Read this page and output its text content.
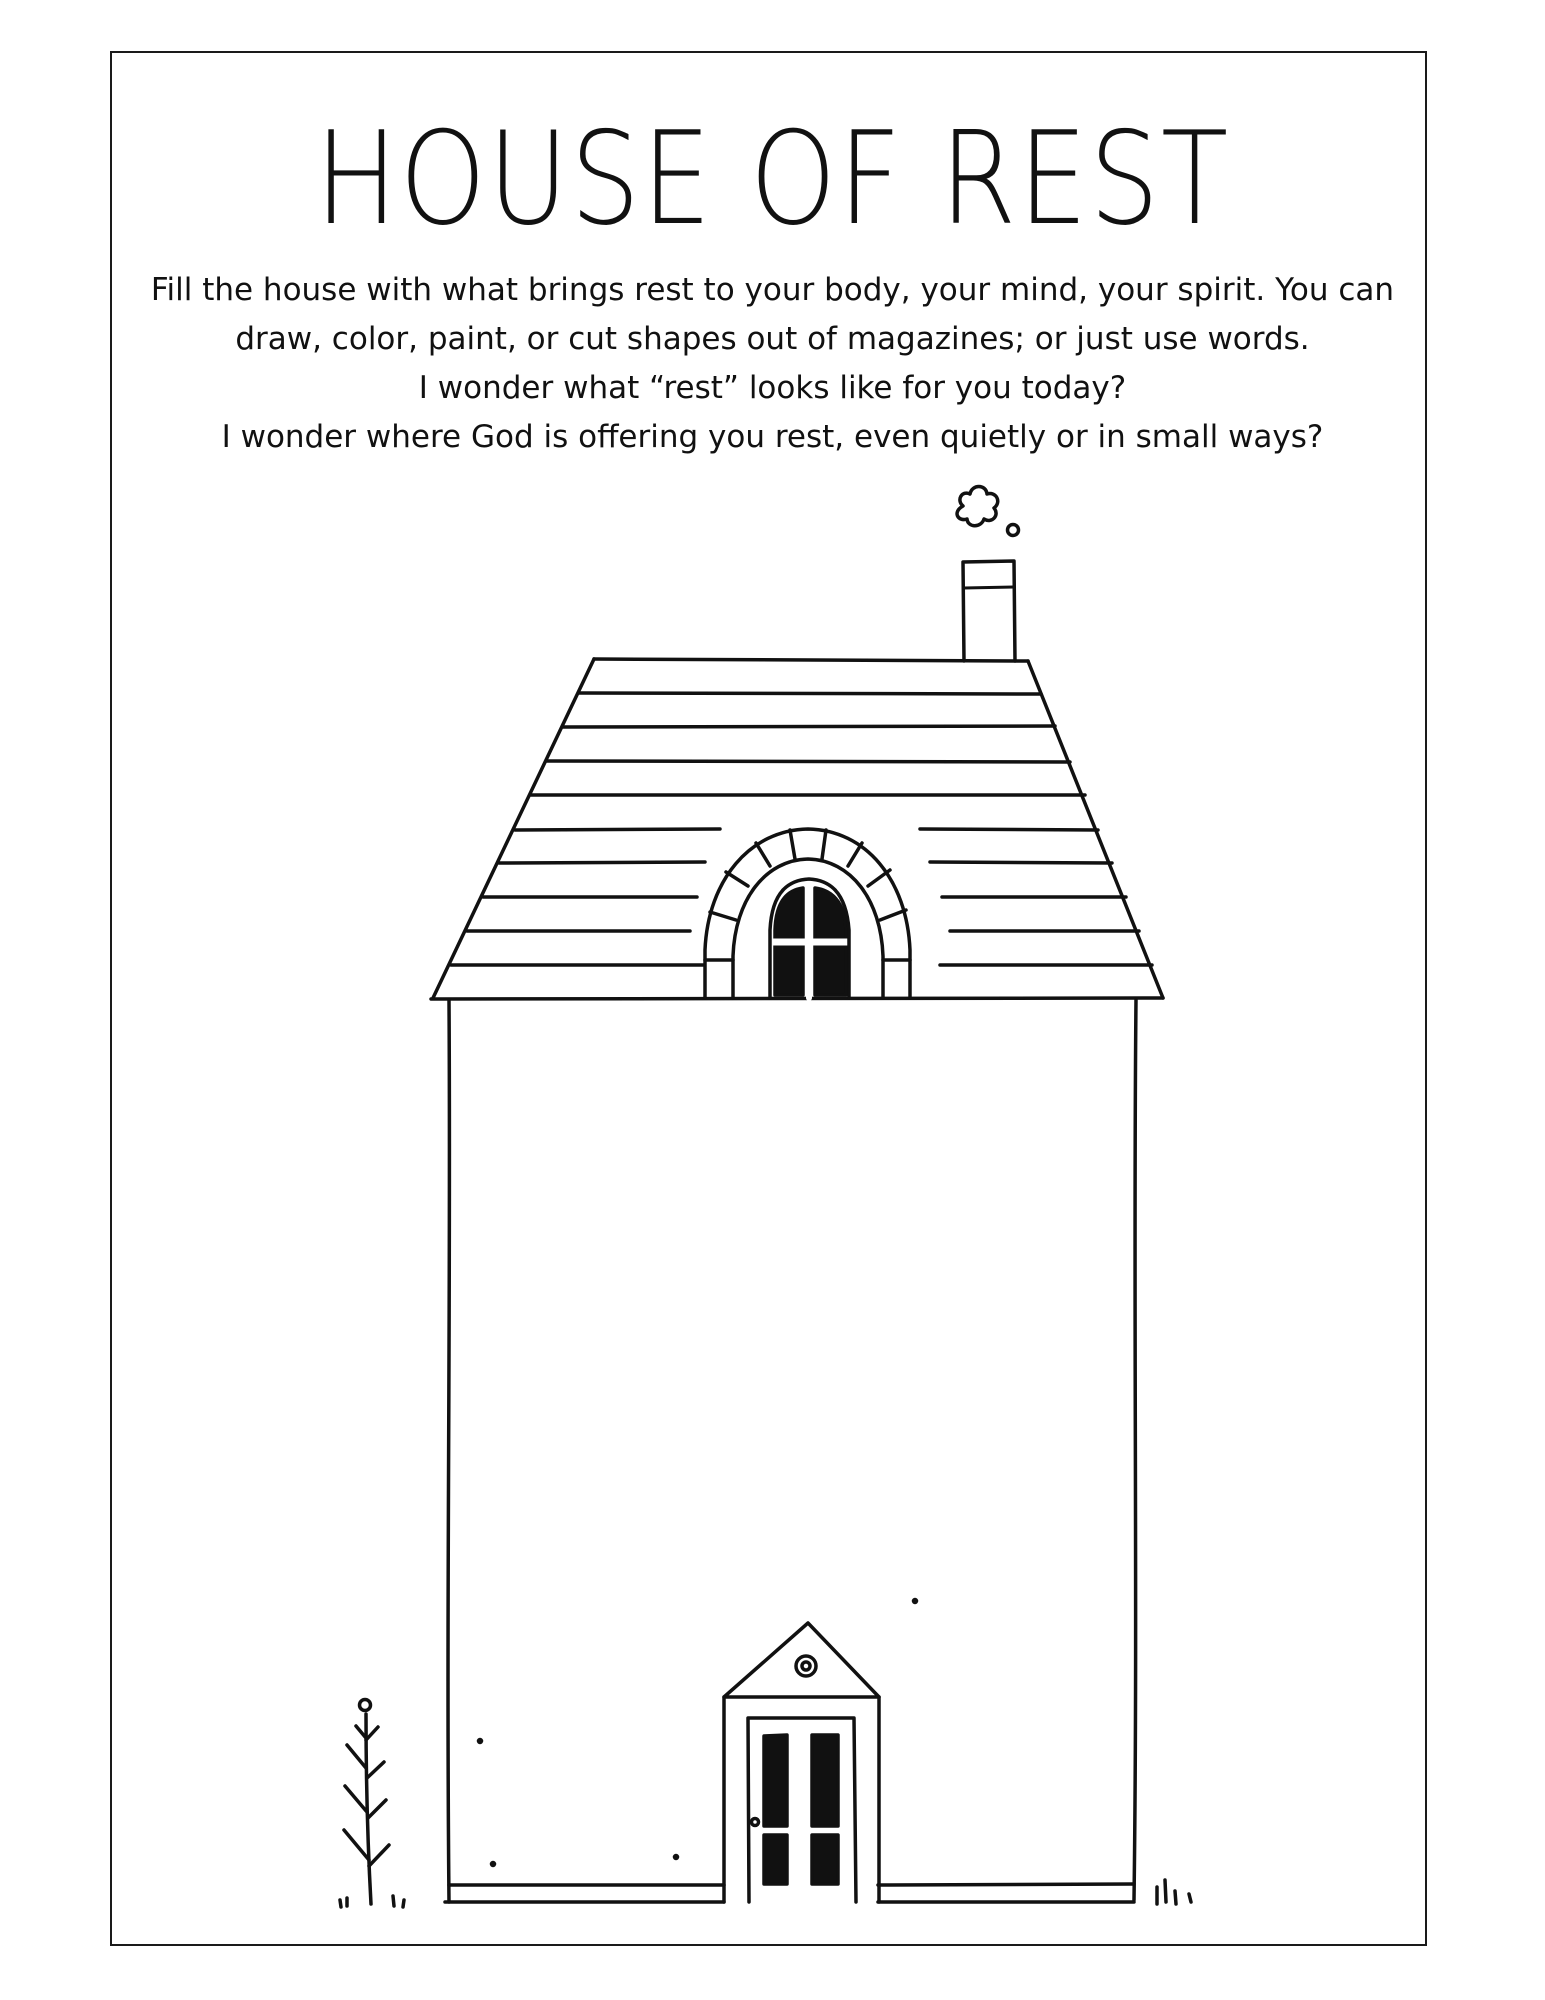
HOUSE OF REST

Fill the house with what brings rest to your body, your mind, your spirit. You can

draw, color, paint, or cut shapes out of magazines; or just use words.

I wonder what “rest” looks like for you today?

I wonder where God is offering you rest, even quietly or in small ways?
